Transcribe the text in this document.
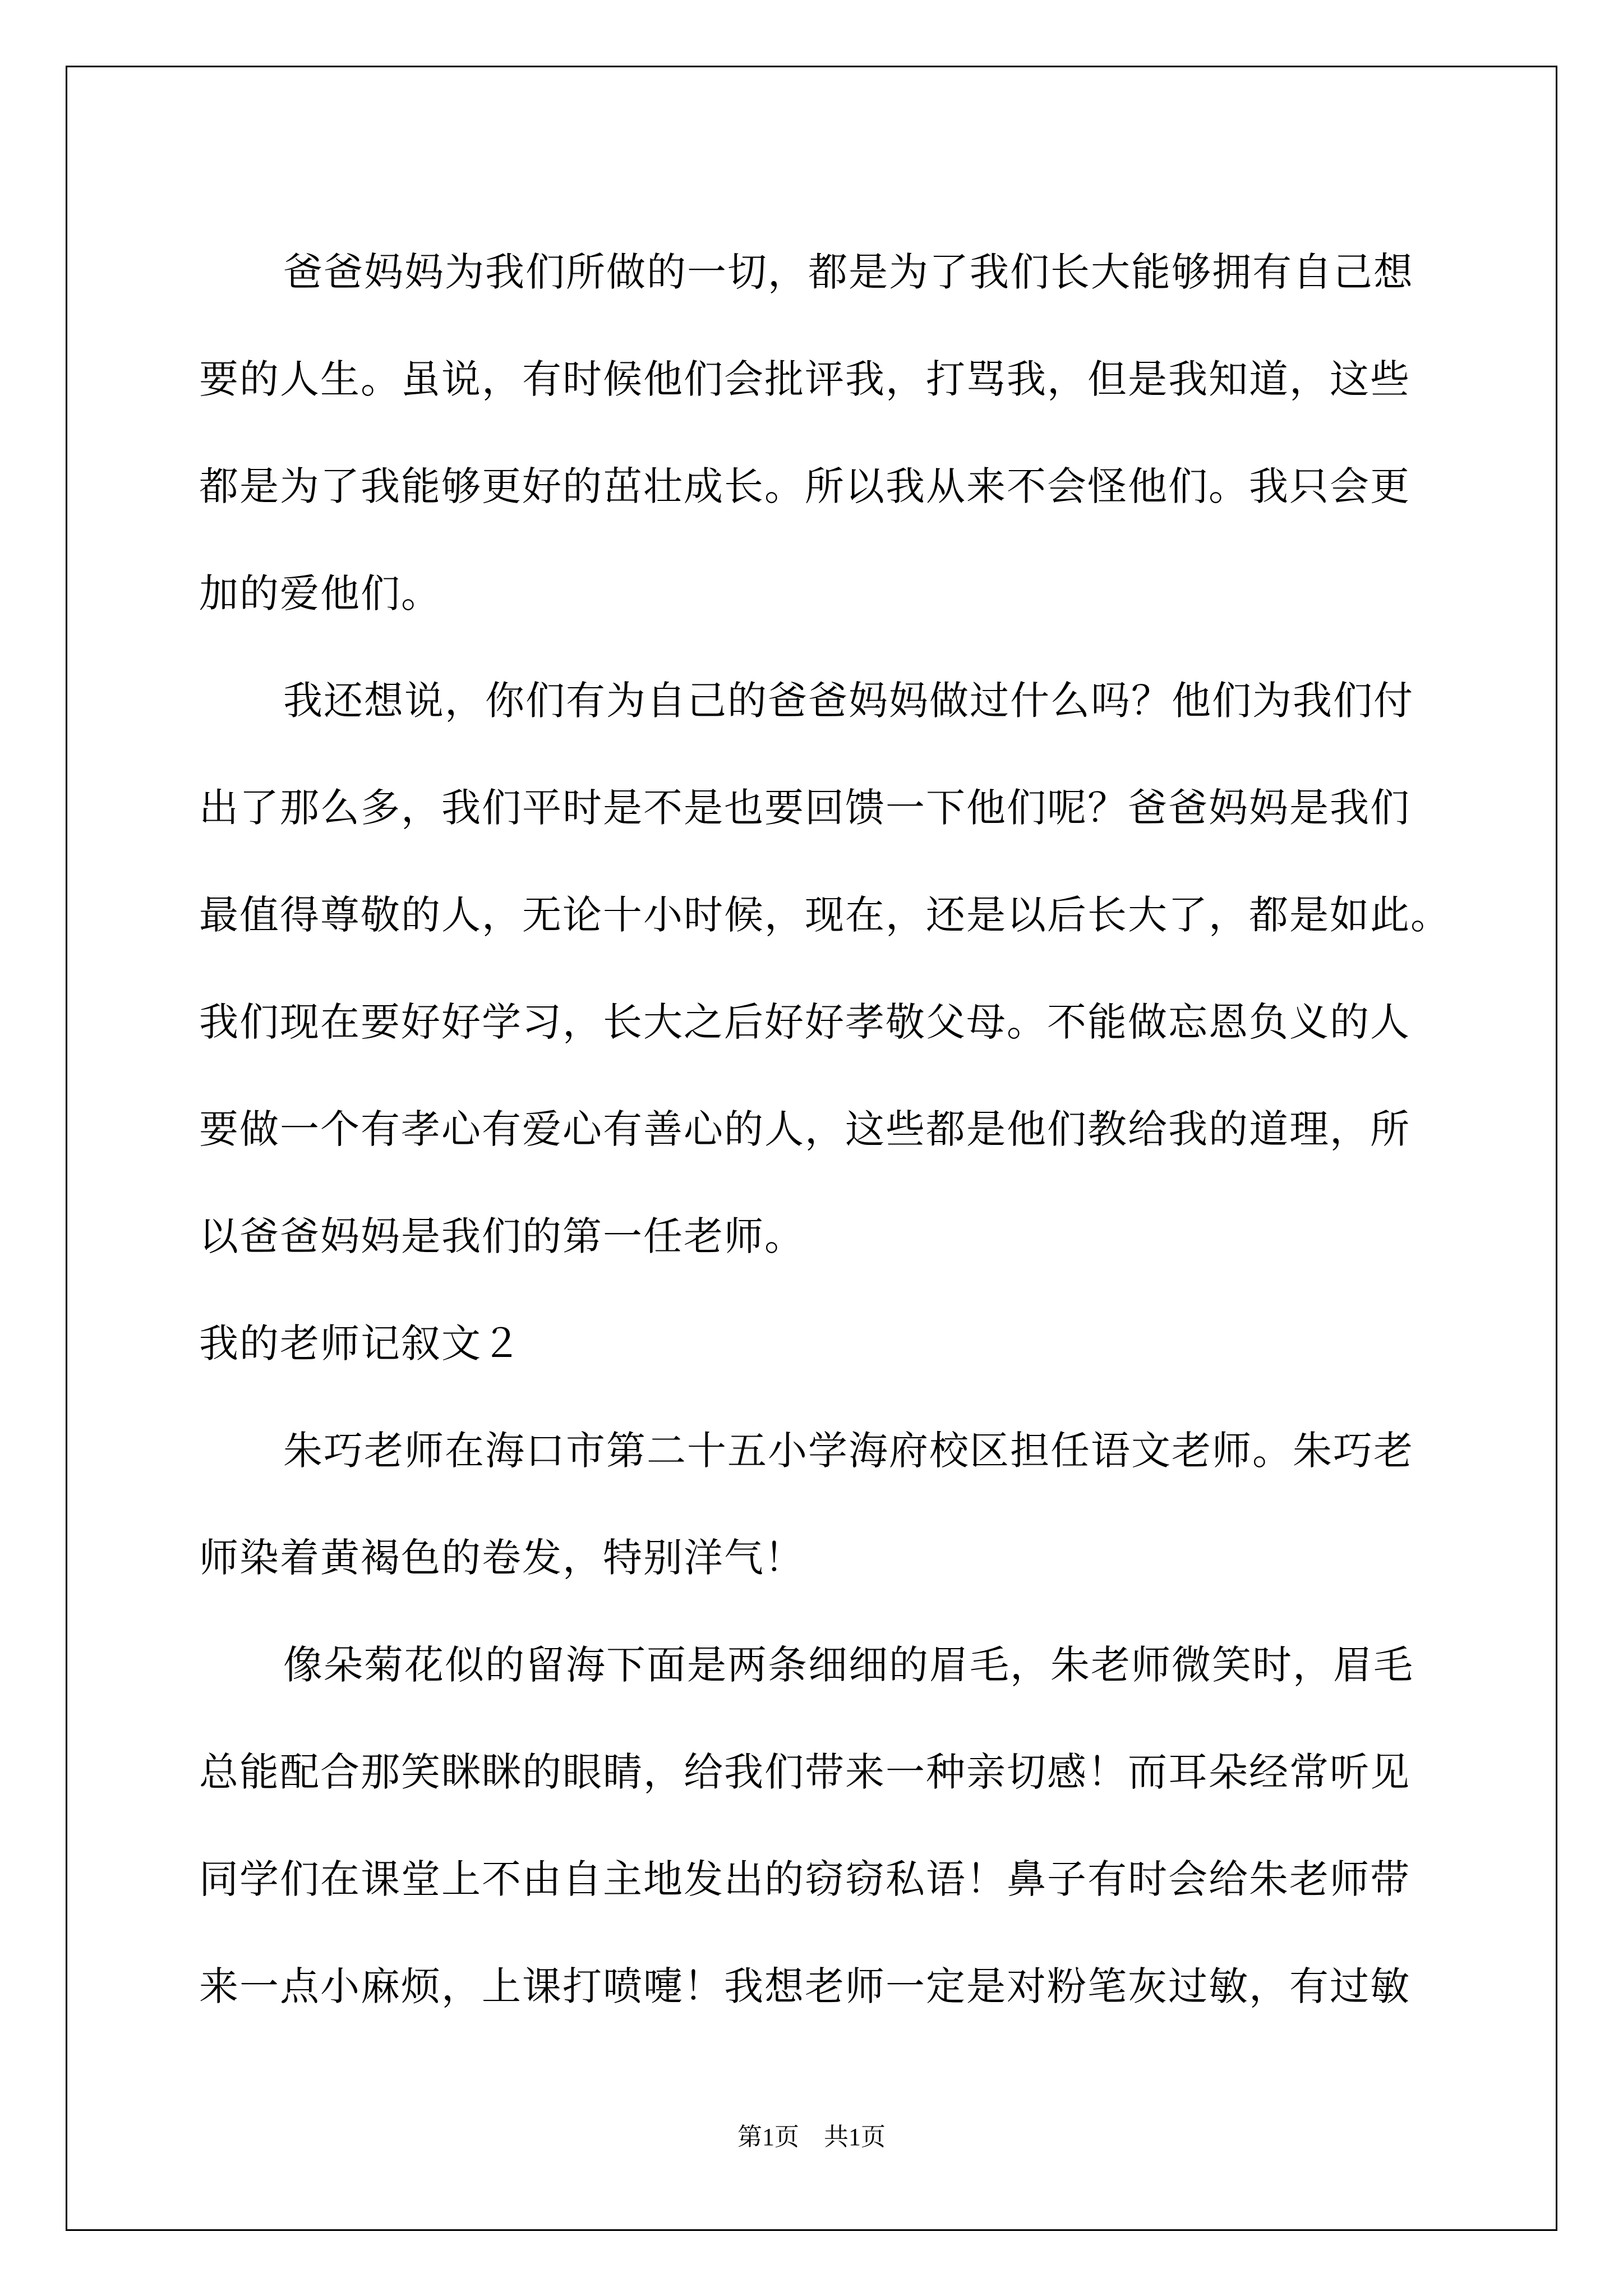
爸爸妈妈为我们所做的一切，都是为了我们长大能够拥有自己想
要的人生。虽说，有时候他们会批评我，打骂我，但是我知道，这些
都是为了我能够更好的茁壮成长。所以我从来不会怪他们。我只会更
加的爱他们。
我还想说，你们有为自己的爸爸妈妈做过什么吗？他们为我们付
出了那么多，我们平时是不是也要回馈一下他们呢？爸爸妈妈是我们
最值得尊敬的人，无论十小时候，现在，还是以后长大了，都是如此。
我们现在要好好学习，长大之后好好孝敬父母。不能做忘恩负义的人
要做一个有孝心有爱心有善心的人，这些都是他们教给我的道理，所
以爸爸妈妈是我们的第一任老师。
我的老师记叙文２
朱巧老师在海口市第二十五小学海府校区担任语文老师。朱巧老
师染着黄褐色的卷发，特别洋气！
像朵菊花似的留海下面是两条细细的眉毛，朱老师微笑时，眉毛
总能配合那笑眯眯的眼睛，给我们带来一种亲切感！而耳朵经常听见
同学们在课堂上不由自主地发出的窃窃私语！鼻子有时会给朱老师带
来一点小麻烦，上课打喷嚏！我想老师一定是对粉笔灰过敏，有过敏
第1页    共1页
